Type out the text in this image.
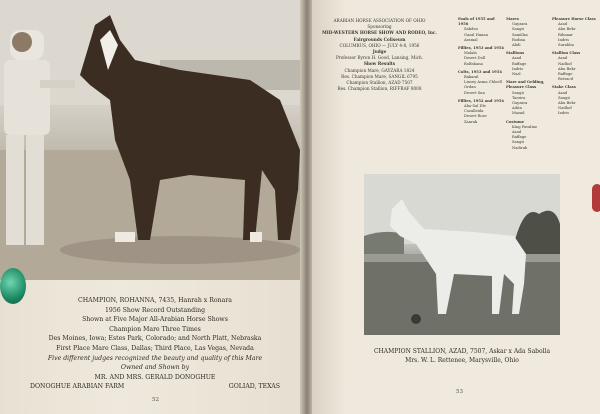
CHAMPION, ROHANNA, 7435, Hanrah x Ronara
1956 Show Record Outstanding
Shown at Five Major All-Arabian Horse Shows
Champion Mare Three Times
Des Moines, Iowa; Estes Park, Colorado; and North Platt, Nebraska
First Place Mare Class, Dallas; Third Place, Las Vegas, Nevada
Five different judges recognized the beauty and quality of this Mare
Owned and Shown by
MR. AND MRS. GERALD DONOGHUE
DONOGHUE ARABIAN FARM	GOLIAD, TEXAS
52
53
ARABIAN HORSE ASSOCIATION OF OHIO
Sponsoring
MID-WESTERN HORSE SHOW AND RODEO, Inc.
Fairgrounds Coliseum
COLUMBUS, OHIO — JULY 4-8, 1956
Judge
Professor Byron H. Good, Lansing, Mich.
Show Results
Champion Mare, GAYZARA 1824
Res. Champion Mare, SANGIL 6795
Champion Stallion, AZAD 7507
Res. Champion Stallion, RIFFRAF 8008
Foals of 1955 and 1956
Sabdea
Gazal Hanan
Aramal
Fillies, 1953 and 1954
Malala
Desert Doll
Rolfahana
Colts, 1953 and 1954
Bakaral
Linsey Asma Chloell
Ordan
Desert Sun
Fillies, 1952 and 1954
Aba-Sal Dle Cozalleida
Desert Rose
Zaarak
Mares
Gayzara
Sangii
Samillas
Rodina
Abdi
Stallions
Azad
Raffage
Indris
Nazl
Mare and Gelding, Pleasure Class
Sangii
Tarzira
Gayzara
Adita
Mazad
Costume
King Faraline
Azad
Raffage
Sangii
Nadirah
Pleasure Horse Class
Azad
Abu Bekr
Rihnaar
Indris
Surabba
Stallion Class
Azad
Nadhof
Abu Bekr
Raffage
Retracif
Stake Class
Azad
Sangii
Abu Bekr
Nadhof
Indris
CHAMPION STALLION, AZAD, 7507, Askar x Ada Sabolla
Mrs. W. L. Rettenee, Marysville, Ohio
